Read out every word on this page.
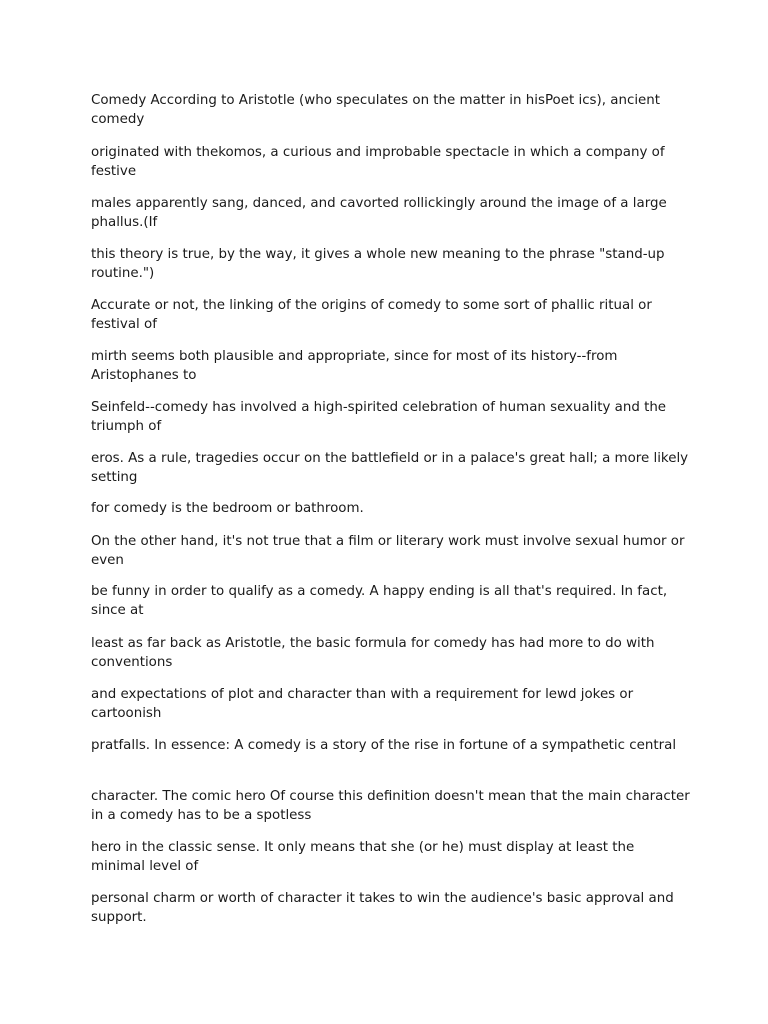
Comedy According to Aristotle (who speculates on the matter in hisPoet ics), ancient comedy

originated with thekomos, a curious and improbable spectacle in which a company of festive

males apparently sang, danced, and cavorted rollickingly around the image of a large phallus.(If

this theory is true, by the way, it gives a whole new meaning to the phrase "stand-up routine.")

Accurate or not, the linking of the origins of comedy to some sort of phallic ritual or festival of

mirth seems both plausible and appropriate, since for most of its history--from Aristophanes to

Seinfeld--comedy has involved a high-spirited celebration of human sexuality and the triumph of

eros. As a rule, tragedies occur on the battlefield or in a palace's great hall; a more likely setting

for comedy is the bedroom or bathroom.

On the other hand, it's not true that a film or literary work must involve sexual humor or even

be funny in order to qualify as a comedy. A happy ending is all that's required. In fact, since at

least as far back as Aristotle, the basic formula for comedy has had more to do with conventions

and expectations of plot and character than with a requirement for lewd jokes or cartoonish

pratfalls. In essence: A comedy is a story of the rise in fortune of a sympathetic central

character. The comic hero Of course this definition doesn't mean that the main character in a comedy has to be a spotless

hero in the classic sense. It only means that she (or he) must display at least the minimal level of

personal charm or worth of character it takes to win the audience's basic approval and support.
